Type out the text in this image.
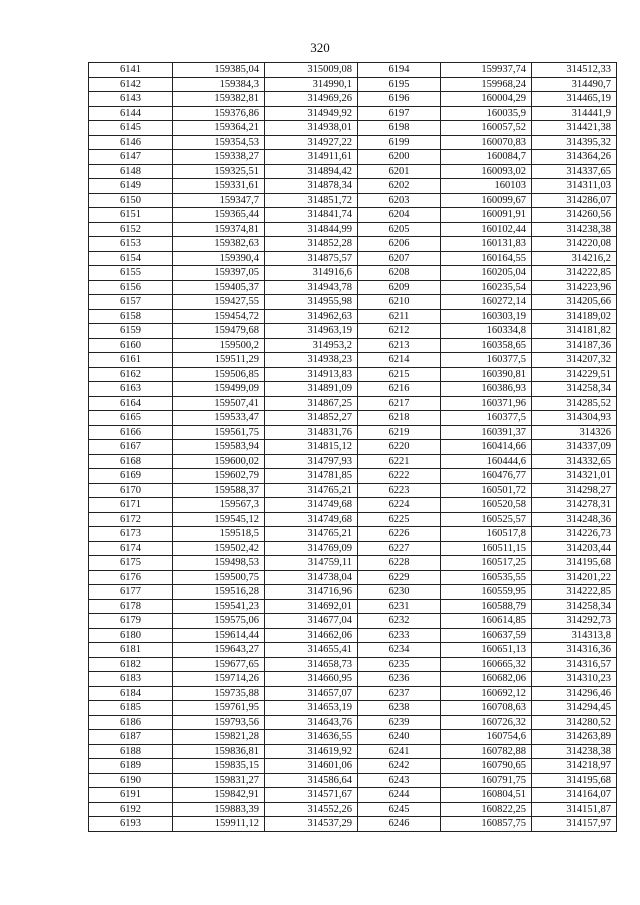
320
6141	159385,04	315009,08	6194	159937,74	314512,33
6142	159384,3	314990,1	6195	159968,24	314490,7
6143	159382,81	314969,26	6196	160004,29	314465,19
6144	159376,86	314949,92	6197	160035,9	314441,9
6145	159364,21	314938,01	6198	160057,52	314421,38
6146	159354,53	314927,22	6199	160070,83	314395,32
6147	159338,27	314911,61	6200	160084,7	314364,26
6148	159325,51	314894,42	6201	160093,02	314337,65
6149	159331,61	314878,34	6202	160103	314311,03
6150	159347,7	314851,72	6203	160099,67	314286,07
6151	159365,44	314841,74	6204	160091,91	314260,56
6152	159374,81	314844,99	6205	160102,44	314238,38
6153	159382,63	314852,28	6206	160131,83	314220,08
6154	159390,4	314875,57	6207	160164,55	314216,2
6155	159397,05	314916,6	6208	160205,04	314222,85
6156	159405,37	314943,78	6209	160235,54	314223,96
6157	159427,55	314955,98	6210	160272,14	314205,66
6158	159454,72	314962,63	6211	160303,19	314189,02
6159	159479,68	314963,19	6212	160334,8	314181,82
6160	159500,2	314953,2	6213	160358,65	314187,36
6161	159511,29	314938,23	6214	160377,5	314207,32
6162	159506,85	314913,83	6215	160390,81	314229,51
6163	159499,09	314891,09	6216	160386,93	314258,34
6164	159507,41	314867,25	6217	160371,96	314285,52
6165	159533,47	314852,27	6218	160377,5	314304,93
6166	159561,75	314831,76	6219	160391,37	314326
6167	159583,94	314815,12	6220	160414,66	314337,09
6168	159600,02	314797,93	6221	160444,6	314332,65
6169	159602,79	314781,85	6222	160476,77	314321,01
6170	159588,37	314765,21	6223	160501,72	314298,27
6171	159567,3	314749,68	6224	160520,58	314278,31
6172	159545,12	314749,68	6225	160525,57	314248,36
6173	159518,5	314765,21	6226	160517,8	314226,73
6174	159502,42	314769,09	6227	160511,15	314203,44
6175	159498,53	314759,11	6228	160517,25	314195,68
6176	159500,75	314738,04	6229	160535,55	314201,22
6177	159516,28	314716,96	6230	160559,95	314222,85
6178	159541,23	314692,01	6231	160588,79	314258,34
6179	159575,06	314677,04	6232	160614,85	314292,73
6180	159614,44	314662,06	6233	160637,59	314313,8
6181	159643,27	314655,41	6234	160651,13	314316,36
6182	159677,65	314658,73	6235	160665,32	314316,57
6183	159714,26	314660,95	6236	160682,06	314310,23
6184	159735,88	314657,07	6237	160692,12	314296,46
6185	159761,95	314653,19	6238	160708,63	314294,45
6186	159793,56	314643,76	6239	160726,32	314280,52
6187	159821,28	314636,55	6240	160754,6	314263,89
6188	159836,81	314619,92	6241	160782,88	314238,38
6189	159835,15	314601,06	6242	160790,65	314218,97
6190	159831,27	314586,64	6243	160791,75	314195,68
6191	159842,91	314571,67	6244	160804,51	314164,07
6192	159883,39	314552,26	6245	160822,25	314151,87
6193	159911,12	314537,29	6246	160857,75	314157,97
